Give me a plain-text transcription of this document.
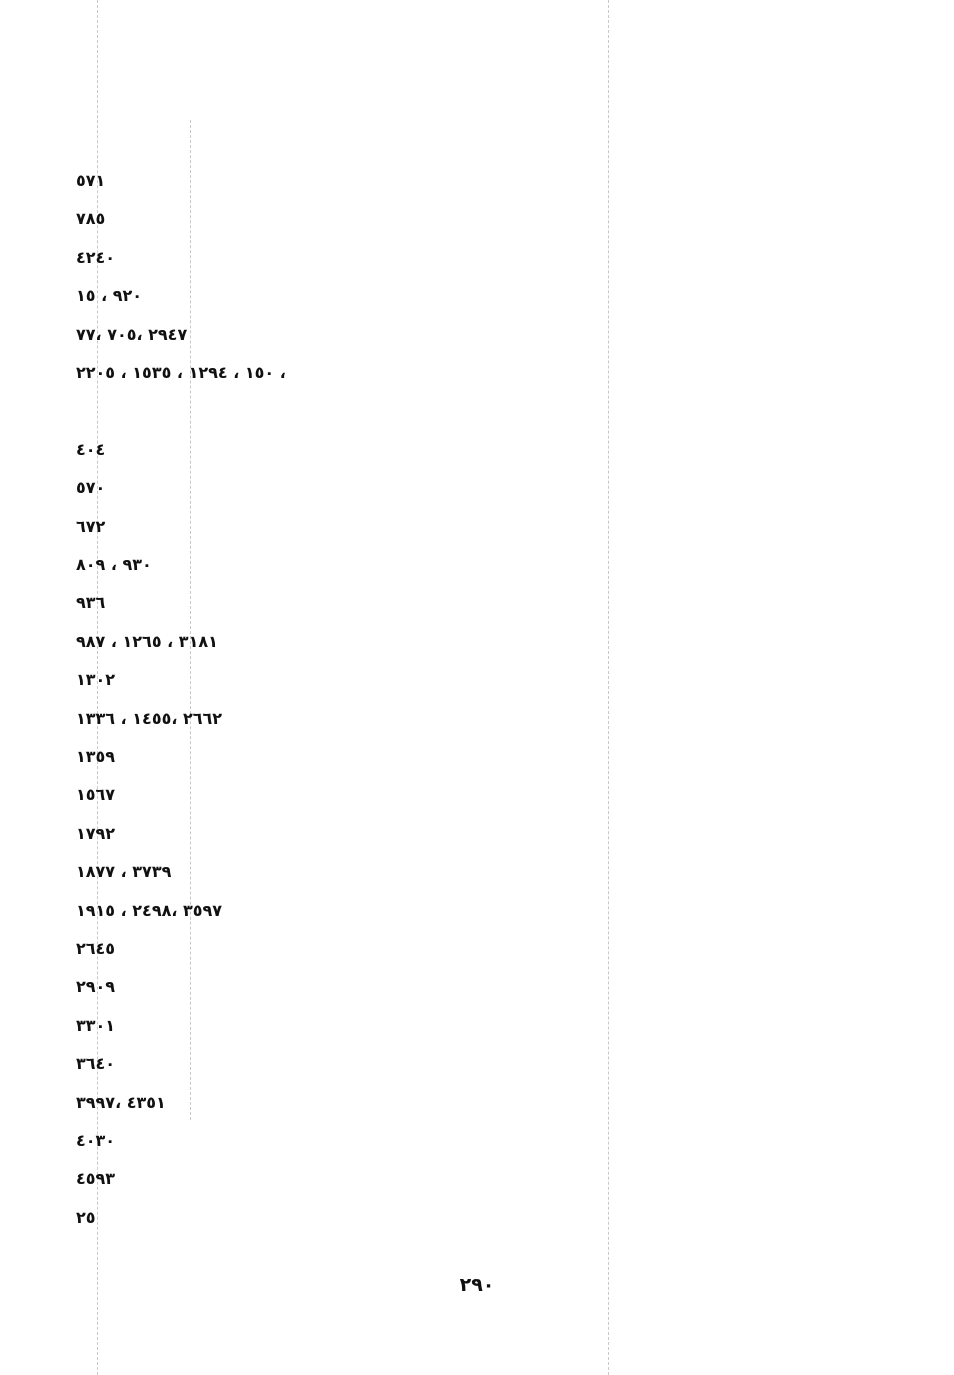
٥٧١
٧٨٥
٤٢٤٠
٩٢٠ ، ١٥
٢٩٤٧ ،٧٠٥ ،٧٧
١٥٠ ، ١٢٩٤ ، ١٥٣٥ ، ٢٢٠٥ ،
٤٠٤
٥٧٠
٦٧٢
٩٣٠ ، ٨٠٩
٩٣٦
٣١٨١ ، ١٢٦٥ ، ٩٨٧
١٣٠٢
٢٦٦٢ ،١٤٥٥ ، ١٣٣٦
١٣٥٩
١٥٦٧
١٧٩٢
٣٧٣٩ ، ١٨٧٧
٣٥٩٧ ،٢٤٩٨ ، ١٩١٥
٢٦٤٥
٢٩٠٩
٣٣٠١
٣٦٤٠
٤٣٥١ ،٣٩٩٧
٤٠٣٠
٤٥٩٣
٢٥
٢٩٠
